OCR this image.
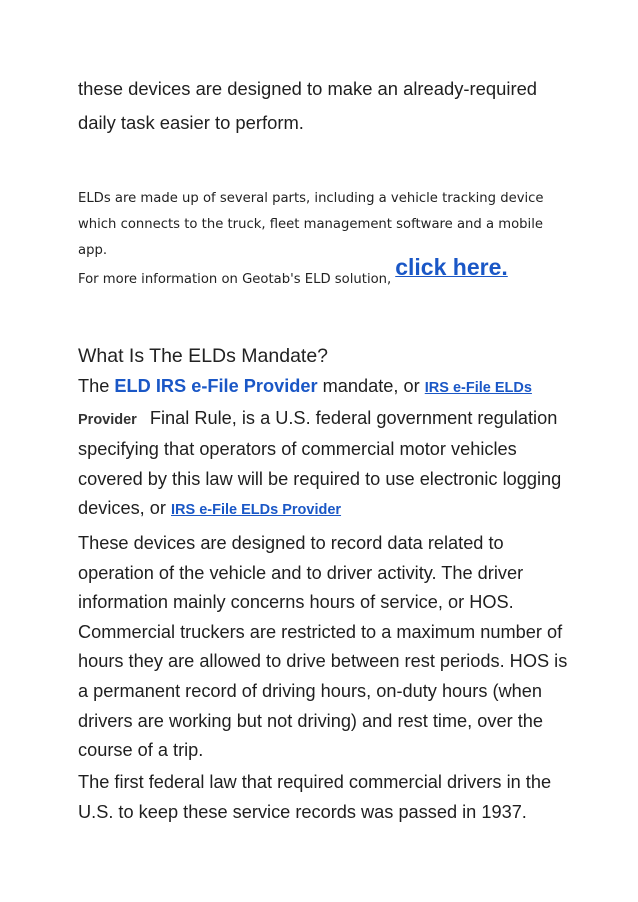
these devices are designed to make an already-required daily task easier to perform.

ELDs are made up of several parts, including a vehicle tracking device which connects to the truck, fleet management software and a mobile app.

For more information on Geotab's ELD solution, click here.

What Is The ELDs Mandate?

The ELD IRS e-File Provider mandate, or IRS e-File ELDs
Provider Final Rule, is a U.S. federal government regulation specifying that operators of commercial motor vehicles covered by this law will be required to use electronic logging devices, or IRS e-File ELDs Provider

These devices are designed to record data related to operation of the vehicle and to driver activity. The driver information mainly concerns hours of service, or HOS. Commercial truckers are restricted to a maximum number of hours they are allowed to drive between rest periods. HOS is a permanent record of driving hours, on-duty hours (when drivers are working but not driving) and rest time, over the course of a trip.

The first federal law that required commercial drivers in the U.S. to keep these service records was passed in 1937.
